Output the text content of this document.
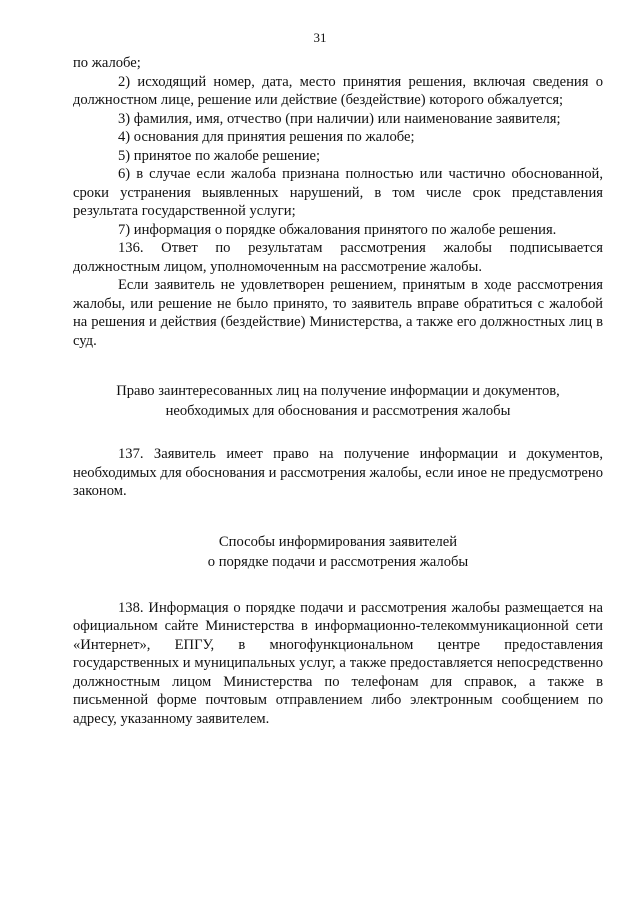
31

по жалобе;

2) исходящий номер, дата, место принятия решения, включая сведения о должностном лице, решение или действие (бездействие) которого обжалуется;

3) фамилия, имя, отчество (при наличии) или наименование заявителя;

4) основания для принятия решения по жалобе;

5) принятое по жалобе решение;

6) в случае если жалоба признана полностью или частично обоснованной, сроки устранения выявленных нарушений, в том числе срок представления результата государственной услуги;

7) информация о порядке обжалования принятого по жалобе решения.

136. Ответ по результатам рассмотрения жалобы подписывается должностным лицом, уполномоченным на рассмотрение жалобы.

Если заявитель не удовлетворен решением, принятым в ходе рассмотрения жалобы, или решение не было принято, то заявитель вправе обратиться с жалобой на решения и действия (бездействие) Министерства, а также его должностных лиц в суд.

Право заинтересованных лиц на получение информации и документов,

необходимых для обоснования и рассмотрения жалобы

137. Заявитель имеет право на получение информации и документов, необходимых для обоснования и рассмотрения жалобы, если иное не предусмотрено законом.

Способы информирования заявителей

о порядке подачи и рассмотрения жалобы

138. Информация о порядке подачи и рассмотрения жалобы размещается на официальном сайте Министерства в информационно-телекоммуникационной сети «Интернет», ЕПГУ, в многофункциональном центре предоставления государственных и муниципальных услуг, а также предоставляется непосредственно должностным лицом Министерства по телефонам для справок, а также в письменной форме почтовым отправлением либо электронным сообщением по адресу, указанному заявителем.
